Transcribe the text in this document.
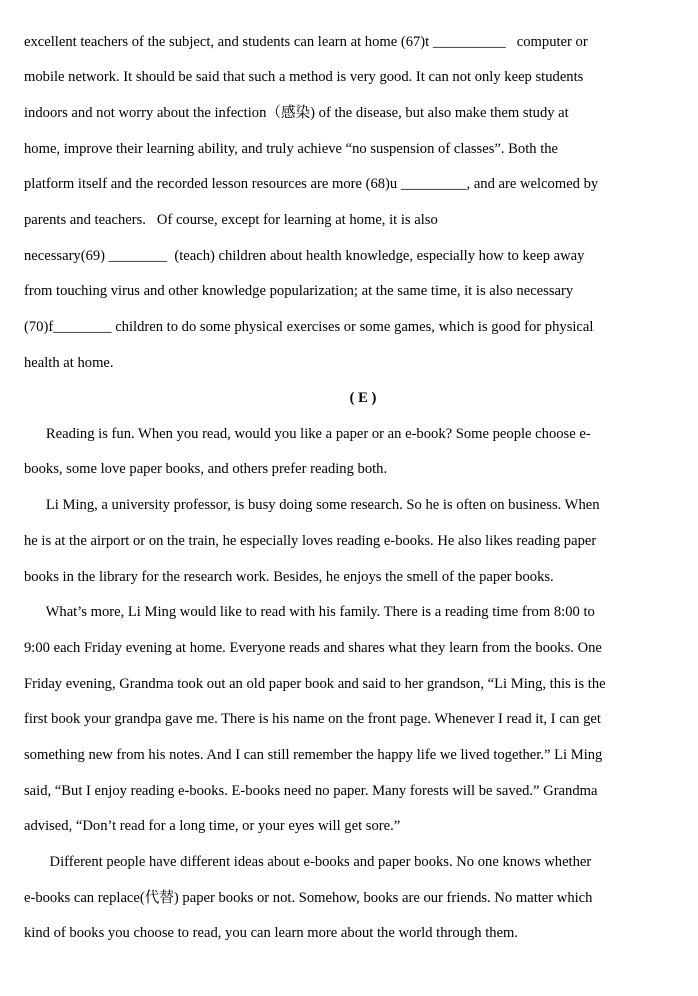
excellent teachers of the subject, and students can learn at home (67)t __________   computer or
mobile network. It should be said that such a method is very good. It can not only keep students
indoors and not worry about the infection（感染) of the disease, but also make them study at
home, improve their learning ability, and truly achieve “no suspension of classes”. Both the
platform itself and the recorded lesson resources are more (68)u _________, and are welcomed by
parents and teachers.   Of course, except for learning at home, it is also
necessary(69) ________  (teach) children about health knowledge, especially how to keep away
from touching virus and other knowledge popularization; at the same time, it is also necessary
(70)f________ children to do some physical exercises or some games, which is good for physical
health at home.
( E )
Reading is fun. When you read, would you like a paper or an e-book? Some people choose e-
books, some love paper books, and others prefer reading both.
Li Ming, a university professor, is busy doing some research. So he is often on business. When
he is at the airport or on the train, he especially loves reading e-books. He also likes reading paper
books in the library for the research work. Besides, he enjoys the smell of the paper books.
What’s more, Li Ming would like to read with his family. There is a reading time from 8:00 to
9:00 each Friday evening at home. Everyone reads and shares what they learn from the books. One
Friday evening, Grandma took out an old paper book and said to her grandson, “Li Ming, this is the
first book your grandpa gave me. There is his name on the front page. Whenever I read it, I can get
something new from his notes. And I can still remember the happy life we lived together.” Li Ming
said, “But I enjoy reading e-books. E-books need no paper. Many forests will be saved.” Grandma
advised, “Don’t read for a long time, or your eyes will get sore.”
Different people have different ideas about e-books and paper books. No one knows whether
e-books can replace(代替) paper books or not. Somehow, books are our friends. No matter which
kind of books you choose to read, you can learn more about the world through them.
